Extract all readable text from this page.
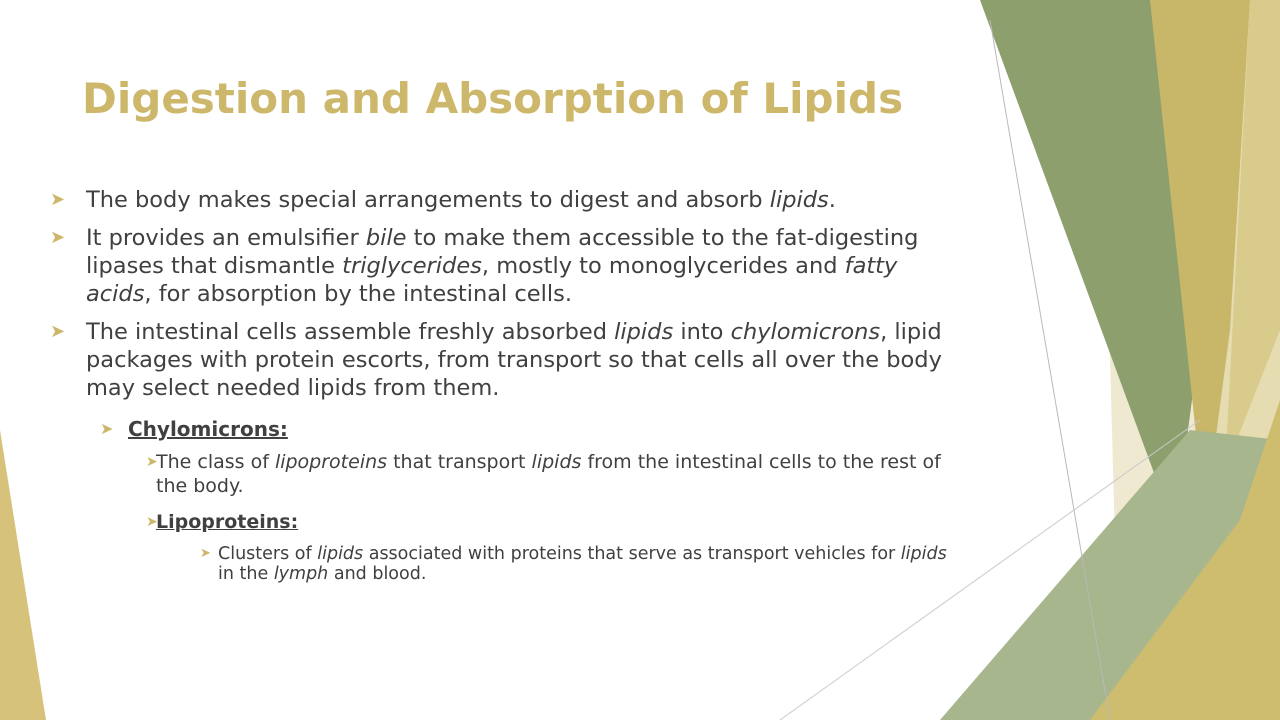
Digestion and Absorption of Lipids
➤ The body makes special arrangements to digest and absorb lipids.
➤ It provides an emulsifier bile to make them accessible to the fat-digesting lipases that dismantle triglycerides, mostly to monoglycerides and fatty acids, for absorption by the intestinal cells.
➤ The intestinal cells assemble freshly absorbed lipids into chylomicrons, lipid packages with protein escorts, from transport so that cells all over the body may select needed lipids from them.
➤ Chylomicrons:
➤
The class of lipoproteins that transport lipids from the intestinal cells to the rest of the body.
➤
Lipoproteins:
➤ Clusters of lipids associated with proteins that serve as transport vehicles for lipids in the lymph and blood.
